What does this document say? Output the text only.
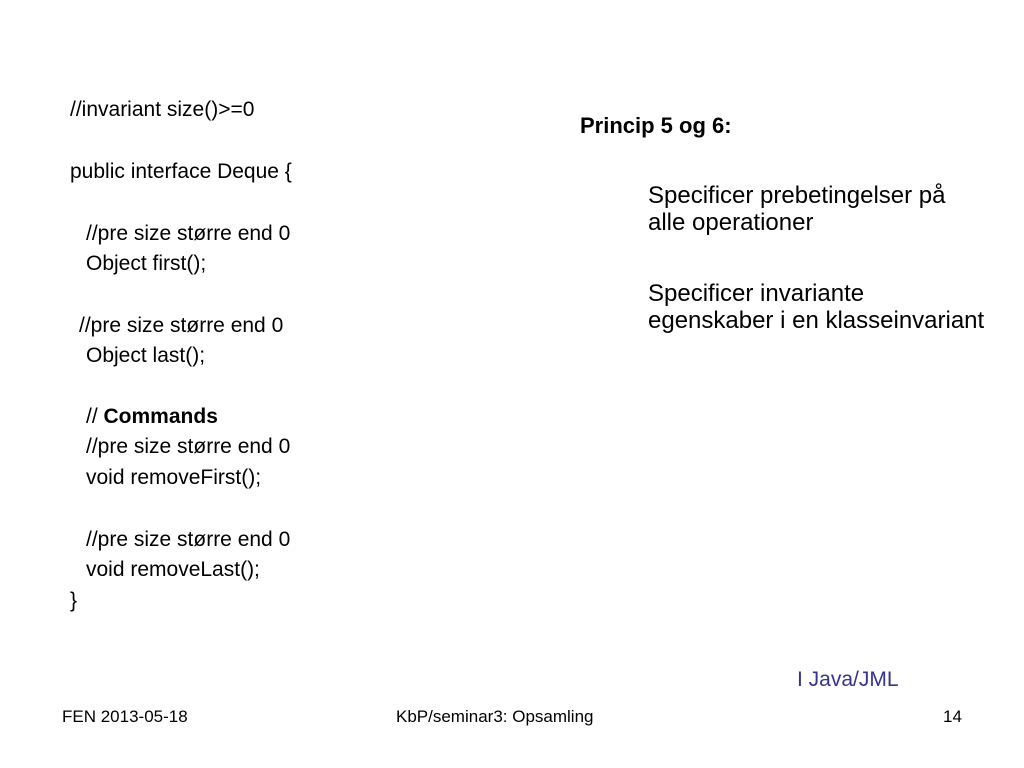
//invariant size()>=0
public interface Deque {
//pre size større end 0
Object first();
//pre size større end 0
Object last();
// Commands
//pre size større end 0
void removeFirst();
//pre size større end 0
void removeLast();
}
Princip 5 og 6:
Specificer prebetingelser på alle operationer
Specificer invariante egenskaber i en klasseinvariant
I Java/JML
FEN 2013-05-18	KbP/seminar3: Opsamling	14
